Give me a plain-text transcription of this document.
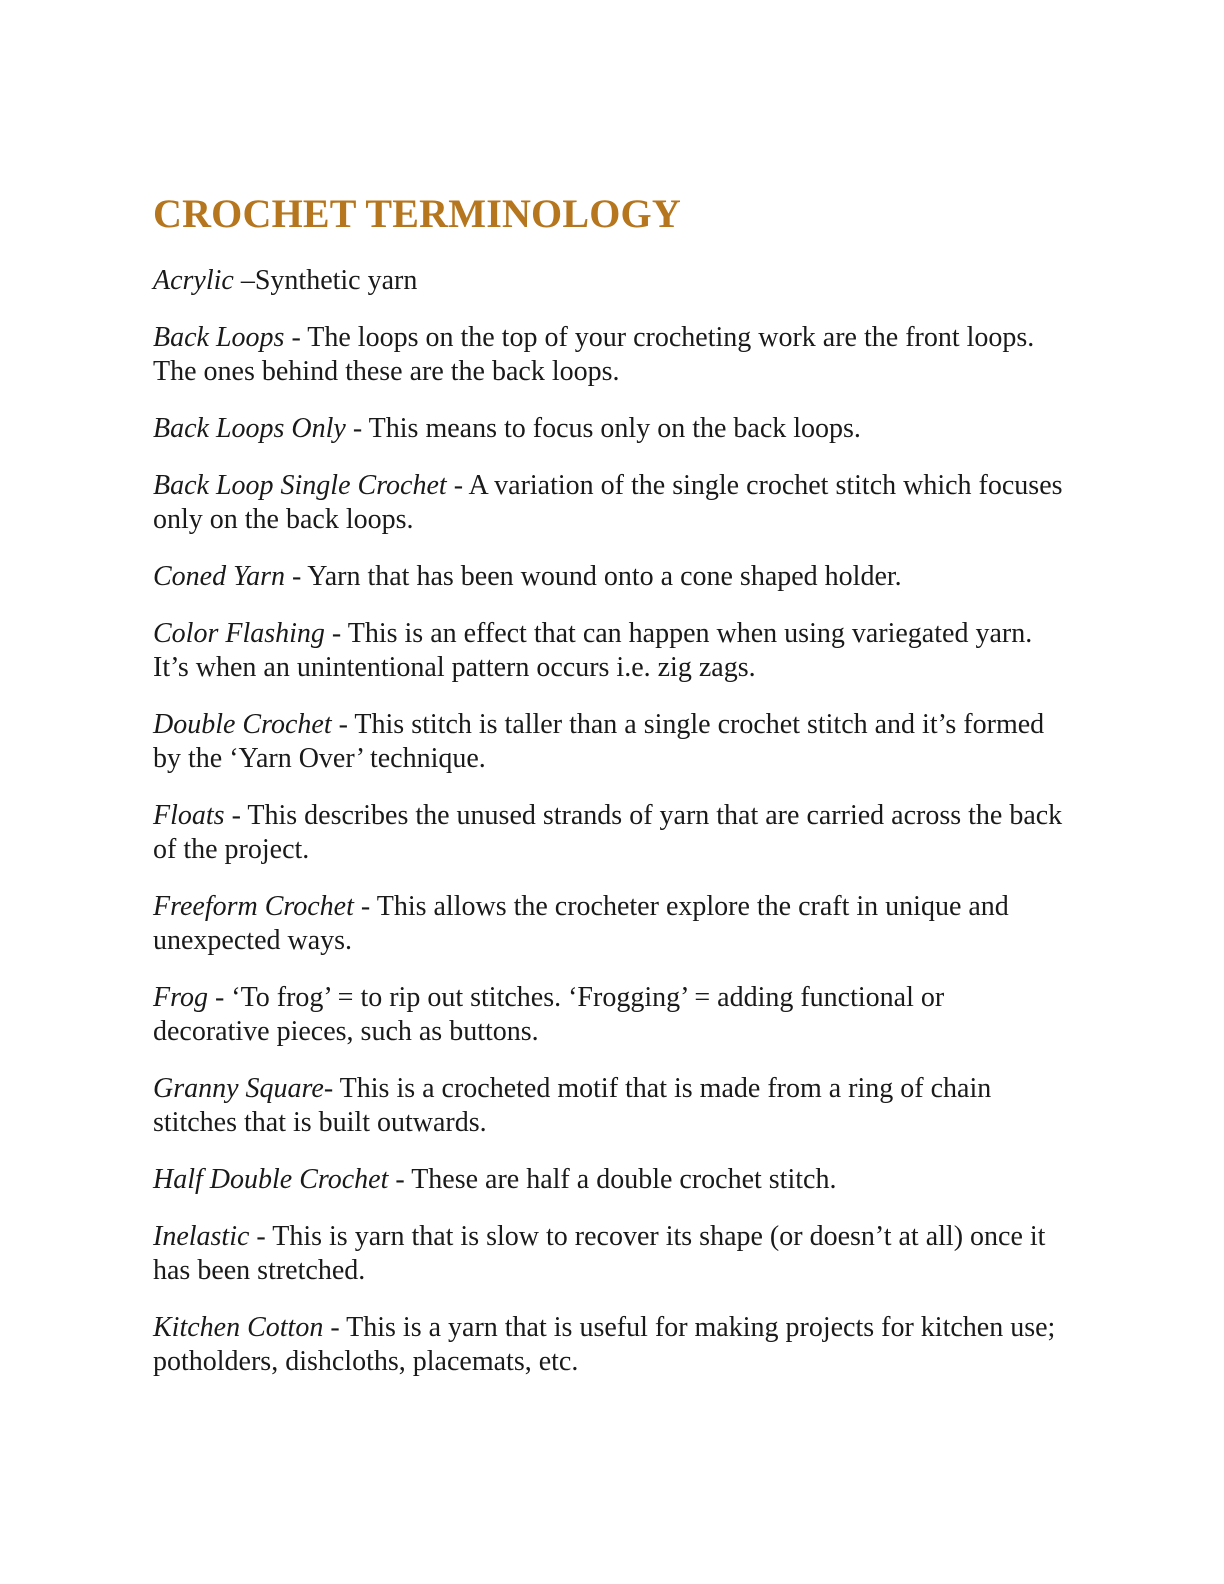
CROCHET TERMINOLOGY

Acrylic –Synthetic yarn

Back Loops - The loops on the top of your crocheting work are the front loops. The ones behind these are the back loops.

Back Loops Only - This means to focus only on the back loops.

Back Loop Single Crochet - A variation of the single crochet stitch which focuses only on the back loops.

Coned Yarn - Yarn that has been wound onto a cone shaped holder.

Color Flashing - This is an effect that can happen when using variegated yarn. It’s when an unintentional pattern occurs i.e. zig zags.

Double Crochet - This stitch is taller than a single crochet stitch and it’s formed by the ‘Yarn Over’ technique.

Floats - This describes the unused strands of yarn that are carried across the back of the project.

Freeform Crochet - This allows the crocheter explore the craft in unique and unexpected ways.

Frog - ‘To frog’ = to rip out stitches. ‘Frogging’ = adding functional or decorative pieces, such as buttons.

Granny Square- This is a crocheted motif that is made from a ring of chain stitches that is built outwards.

Half Double Crochet - These are half a double crochet stitch.

Inelastic - This is yarn that is slow to recover its shape (or doesn’t at all) once it has been stretched.

Kitchen Cotton - This is a yarn that is useful for making projects for kitchen use; potholders, dishcloths, placemats, etc.
